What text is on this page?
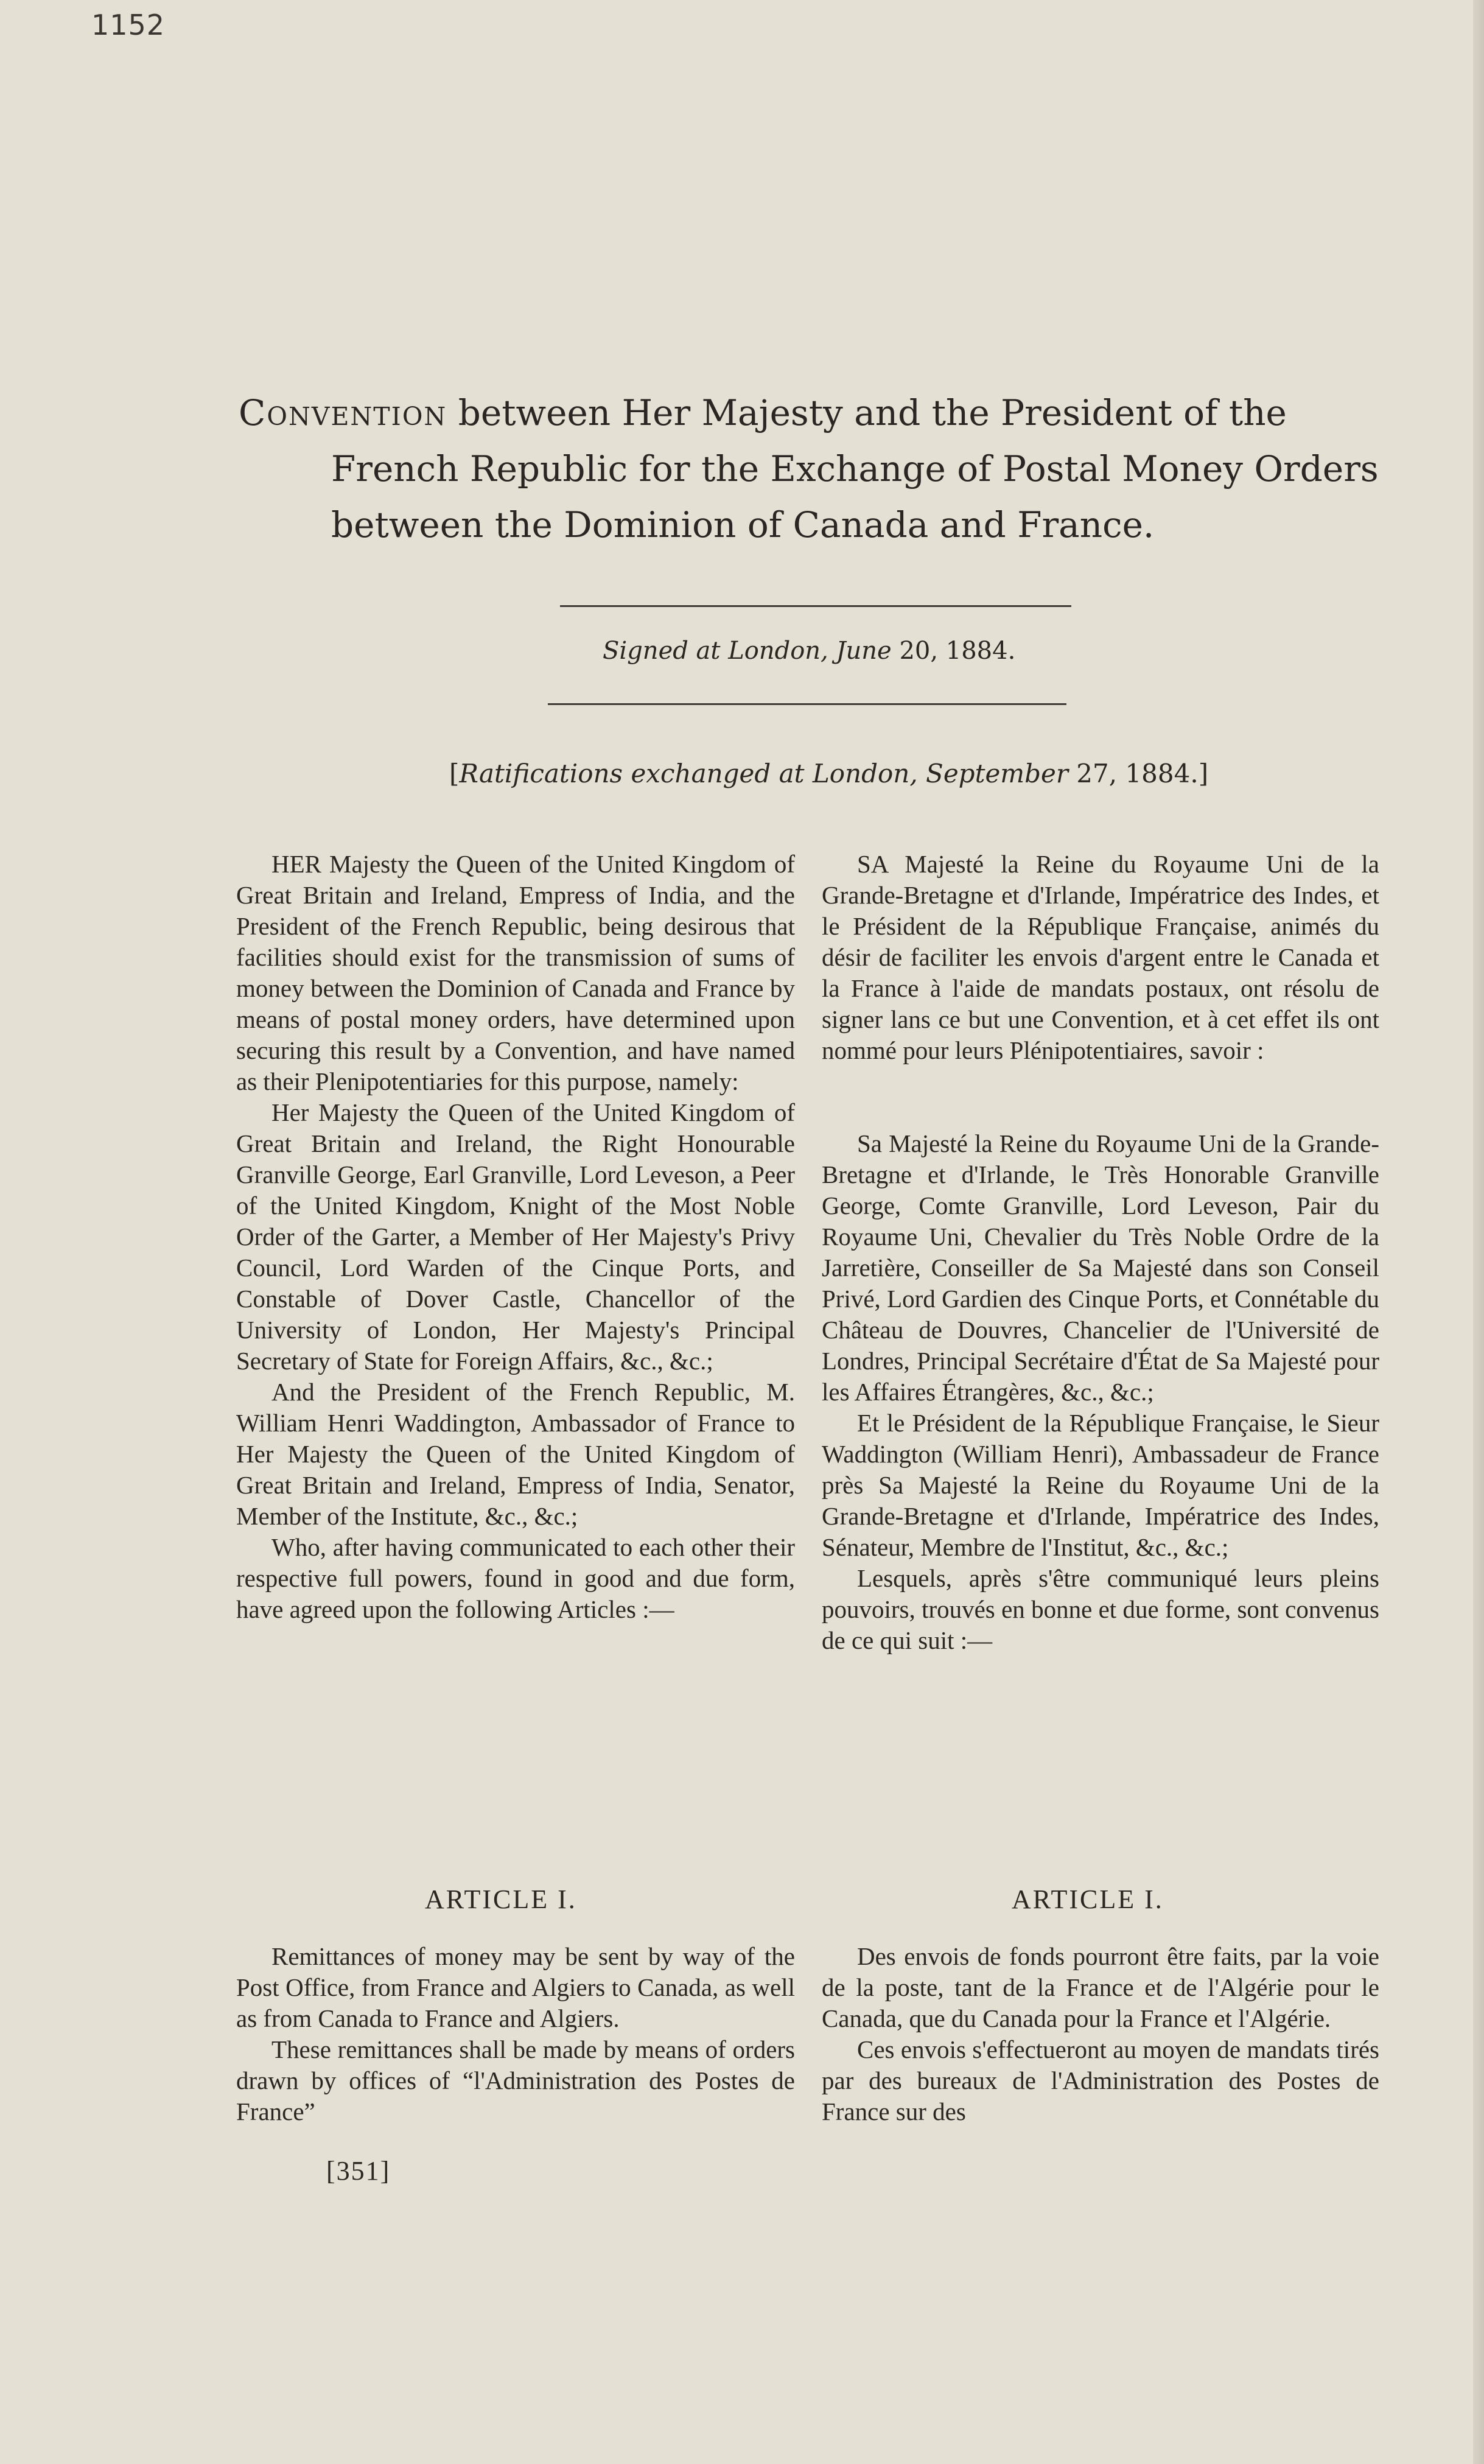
1152
Convention between Her Majesty and the President of the
French Republic for the Exchange of Postal Money Orders
between the Dominion of Canada and France.
Signed at London, June 20, 1884.
[Ratifications exchanged at London, September 27, 1884.]

HER Majesty the Queen of the United Kingdom of Great Britain and Ireland, Empress of India, and the President of the French Republic, being desirous that facilities should exist for the transmission of sums of money between the Dominion of Canada and France by means of postal money orders, have determined upon securing this result by a Convention, and have named as their Plenipotentiaries for this purpose, namely:

Her Majesty the Queen of the United Kingdom of Great Britain and Ireland, the Right Honourable Granville George, Earl Granville, Lord Leveson, a Peer of the United Kingdom, Knight of the Most Noble Order of the Garter, a Member of Her Majesty's Privy Council, Lord Warden of the Cinque Ports, and Constable of Dover Castle, Chancellor of the University of London, Her Majesty's Principal Secretary of State for Foreign Affairs, &c., &c.;

And the President of the French Republic, M. William Henri Waddington, Ambassador of France to Her Majesty the Queen of the United Kingdom of Great Britain and Ireland, Empress of India, Senator, Member of the Institute, &c., &c.;

Who, after having communicated to each other their respective full powers, found in good and due form, have agreed upon the following Articles :—

SA Majesté la Reine du Royaume Uni de la Grande-Bretagne et d'Irlande, Impératrice des Indes, et le Président de la République Française, animés du désir de faciliter les envois d'argent entre le Canada et la France à l'aide de mandats postaux, ont résolu de signer lans ce but une Convention, et à cet effet ils ont nommé pour leurs Plénipotentiaires, savoir :

Sa Majesté la Reine du Royaume Uni de la Grande-Bretagne et d'Irlande, le Très Honorable Granville George, Comte Granville, Lord Leveson, Pair du Royaume Uni, Chevalier du Très Noble Ordre de la Jarretière, Conseiller de Sa Majesté dans son Conseil Privé, Lord Gardien des Cinque Ports, et Connétable du Château de Douvres, Chancelier de l'Université de Londres, Principal Secrétaire d'État de Sa Majesté pour les Affaires Étrangères, &c., &c.;

Et le Président de la République Française, le Sieur Waddington (William Henri), Ambassadeur de France près Sa Majesté la Reine du Royaume Uni de la Grande-Bretagne et d'Irlande, Impératrice des Indes, Sénateur, Membre de l'Institut, &c., &c.;

Lesquels, après s'être communiqué leurs pleins pouvoirs, trouvés en bonne et due forme, sont convenus de ce qui suit :—

ARTICLE I.	ARTICLE I.

Remittances of money may be sent by way of the Post Office, from France and Algiers to Canada, as well as from Canada to France and Algiers.

These remittances shall be made by means of orders drawn by offices of “l'Administration des Postes de France”

Des envois de fonds pourront être faits, par la voie de la poste, tant de la France et de l'Algérie pour le Canada, que du Canada pour la France et l'Algérie.

Ces envois s'effectueront au moyen de mandats tirés par des bureaux de l'Administration des Postes de France sur des

[351]
